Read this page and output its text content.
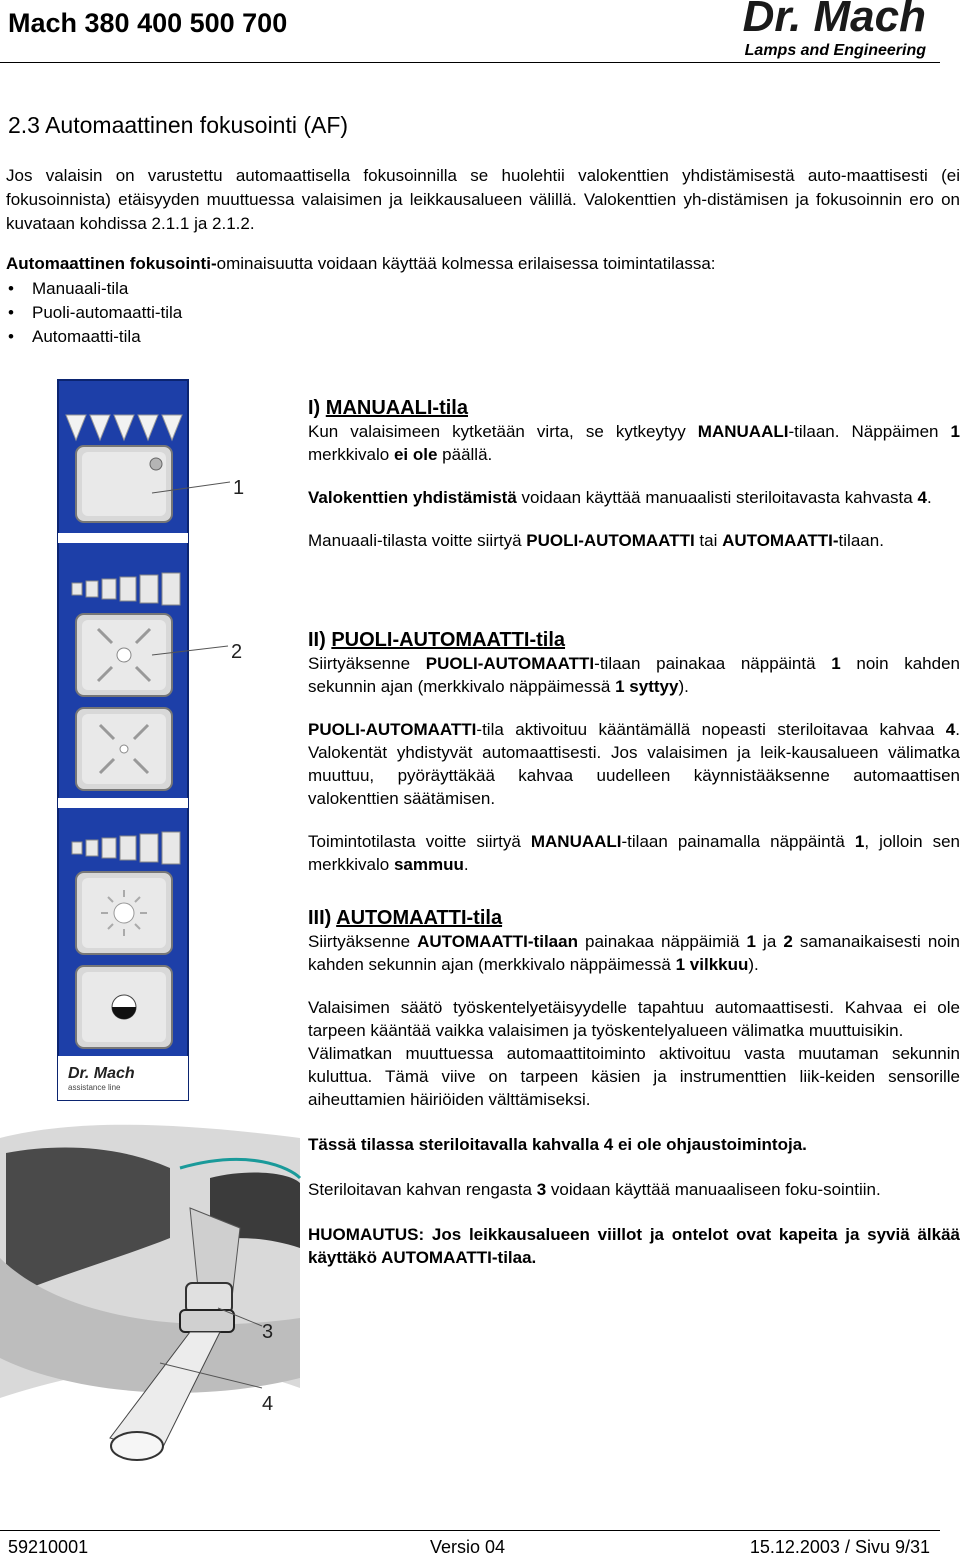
Mach 380 400 500 700	Dr. Mach
Lamps and Engineering
2.3 Automaattinen fokusointi (AF)
Jos valaisin on varustettu automaattisella fokusoinnilla se huolehtii valokenttien yhdistämisestä auto-maattisesti (ei fokusoinnista) etäisyyden muuttuessa valaisimen ja leikkausalueen välillä. Valokenttien yh-distämisen ja fokusoinnin ero on kuvataan kohdissa 2.1.1 ja 2.1.2.
Automaattinen fokusointi-ominaisuutta voidaan käyttää kolmessa erilaisessa toimintatilassa:
• Manuaali-tila
• Puoli-automaatti-tila
• Automaatti-tila
Dr. Mach
assistance line
1
2
3
4

I) MANUAALI-tila

Kun valaisimeen kytketään virta, se kytkeytyy MANUAALI-tilaan. Näppäimen 1 merkkivalo ei ole päällä.

Valokenttien yhdistämistä voidaan käyttää manuaalisti steriloitavasta kahvasta 4.

Manuaali-tilasta voitte siirtyä PUOLI-AUTOMAATTI tai AUTOMAATTI-tilaan.

II) PUOLI-AUTOMAATTI-tila

Siirtyäksenne PUOLI-AUTOMAATTI-tilaan painakaa näppäintä 1 noin kahden sekunnin ajan (merkkivalo näppäimessä 1 syttyy).

PUOLI-AUTOMAATTI-tila aktivoituu kääntämällä nopeasti steriloitavaa kahvaa 4. Valokentät yhdistyvät automaattisesti. Jos valaisimen ja leik-kausalueen välimatka muuttuu, pyöräyttäkää kahvaa uudelleen käynnistääksenne automaattisen valokenttien säätämisen.

Toimintotilasta voitte siirtyä MANUAALI-tilaan painamalla näppäintä 1, jolloin sen merkkivalo sammuu.

III) AUTOMAATTI-tila

Siirtyäksenne AUTOMAATTI-tilaan painakaa näppäimiä 1 ja 2 samanaikaisesti noin kahden sekunnin ajan (merkkivalo näppäimessä 1 vilkkuu).

Valaisimen säätö työskentelyetäisyydelle tapahtuu automaattisesti. Kahvaa ei ole tarpeen kääntää vaikka valaisimen ja työskentelyalueen välimatka muuttuisikin.

Välimatkan muuttuessa automaattitoiminto aktivoituu vasta muutaman sekunnin kuluttua. Tämä viive on tarpeen käsien ja instrumenttien liik-keiden sensorille aiheuttamien häiriöiden välttämiseksi.

Tässä tilassa steriloitavalla kahvalla 4 ei ole ohjaustoimintoja.

Steriloitavan kahvan rengasta 3 voidaan käyttää manuaaliseen foku-sointiin.

HUOMAUTUS: Jos leikkausalueen viillot ja ontelot ovat kapeita ja syviä älkää käyttäkö AUTOMAATTI-tilaa.

59210001	Versio 04	15.12.2003 / Sivu 9/31
